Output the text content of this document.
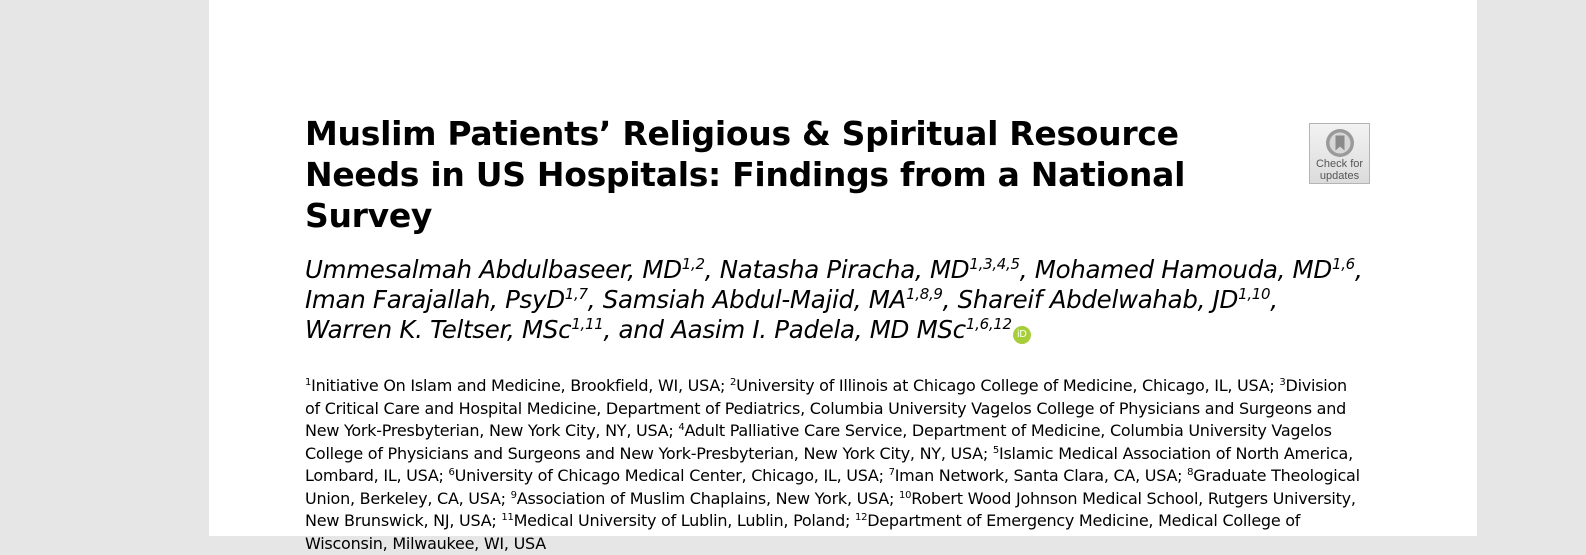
Muslim Patients’ Religious & Spiritual Resource Needs in US Hospitals: Findings from a National Survey
Ummesalmah Abdulbaseer, MD$^{1,2}$, Natasha Piracha, MD$^{1,3,4,5}$, Mohamed Hamouda, MD$^{1,6}$, Iman Farajallah, PsyD$^{1,7}$, Samsiah Abdul-Majid, MA$^{1,8,9}$, Shareif Abdelwahab, JD$^{1,10}$,
Warren K. Teltser, MSc$^{1,11}$, and Aasim I. Padela, MD MSc$^{1,6,12}$iD
$^1$Initiative On Islam and Medicine, Brookfield, WI, USA; $^2$University of Illinois at Chicago College of Medicine, Chicago, IL, USA; $^3$Division of Critical Care and Hospital Medicine, Department of Pediatrics, Columbia University Vagelos College of Physicians and Surgeons and New York-Presbyterian, New York City, NY, USA; $^4$Adult Palliative Care Service, Department of Medicine, Columbia University Vagelos College of Physicians and Surgeons and New York-Presbyterian, New York City, NY, USA; $^5$Islamic Medical Association of North America, Lombard, IL, USA; $^6$University of Chicago Medical Center, Chicago, IL, USA; $^7$Iman Network, Santa Clara, CA, USA; $^8$Graduate Theological Union, Berkeley, CA, USA; $^9$Association of Muslim Chaplains, New York, USA; $^{10}$Robert Wood Johnson Medical School, Rutgers University, New Brunswick, NJ, USA; $^{11}$Medical University of Lublin, Lublin, Poland; $^{12}$Department of Emergency Medicine, Medical College of Wisconsin, Milwaukee, WI, USA
Check for
updates
